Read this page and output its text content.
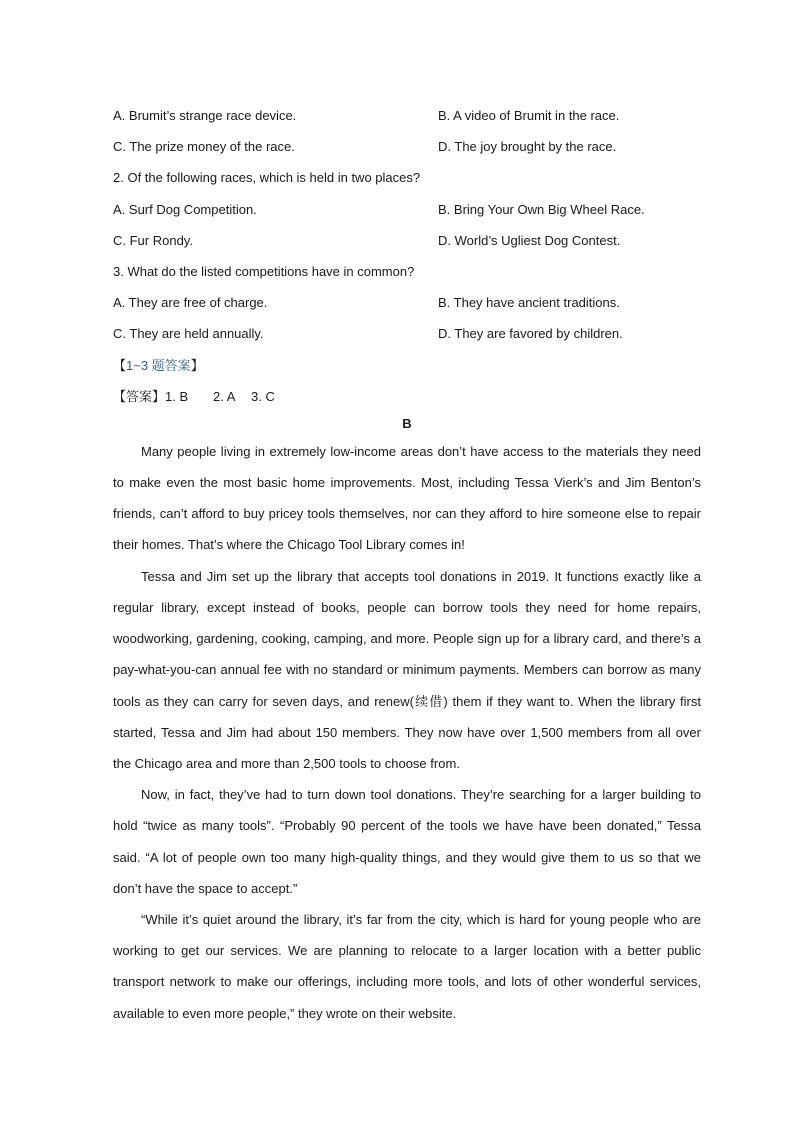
A. Brumit’s strange race device.	B. A video of Brumit in the race.
C. The prize money of the race.	D. The joy brought by the race.
2. Of the following races, which is held in two places?
A. Surf Dog Competition.	B. Bring Your Own Big Wheel Race.
C. Fur Rondy.	D. World’s Ugliest Dog Contest.
3. What do the listed competitions have in common?
A. They are free of charge.	B. They have ancient traditions.
C. They are held annually.	D. They are favored by children.
【1~3 题答案】
【答案】1. B 2. A 3. C
B

Many people living in extremely low-income areas don’t have access to the materials they need to make even the most basic home improvements. Most, including Tessa Vierk’s and Jim Benton’s friends, can’t afford to buy pricey tools themselves, nor can they afford to hire someone else to repair their homes. That’s where the Chicago Tool Library comes in!

Tessa and Jim set up the library that accepts tool donations in 2019. It functions exactly like a regular library, except instead of books, people can borrow tools they need for home repairs, woodworking, gardening, cooking, camping, and more. People sign up for a library card, and there’s a pay-what-you-can annual fee with no standard or minimum payments. Members can borrow as many tools as they can carry for seven days, and renew(续借) them if they want to. When the library first started, Tessa and Jim had about 150 members. They now have over 1,500 members from all over the Chicago area and more than 2,500 tools to choose from.

Now, in fact, they’ve had to turn down tool donations. They’re searching for a larger building to hold “twice as many tools”. “Probably 90 percent of the tools we have have been donated,” Tessa said. “A lot of people own too many high-quality things, and they would give them to us so that we don’t have the space to accept.”

“While it’s quiet around the library, it’s far from the city, which is hard for young people who are working to get our services. We are planning to relocate to a larger location with a better public transport network to make our offerings, including more tools, and lots of other wonderful services, available to even more people,” they wrote on their website.
